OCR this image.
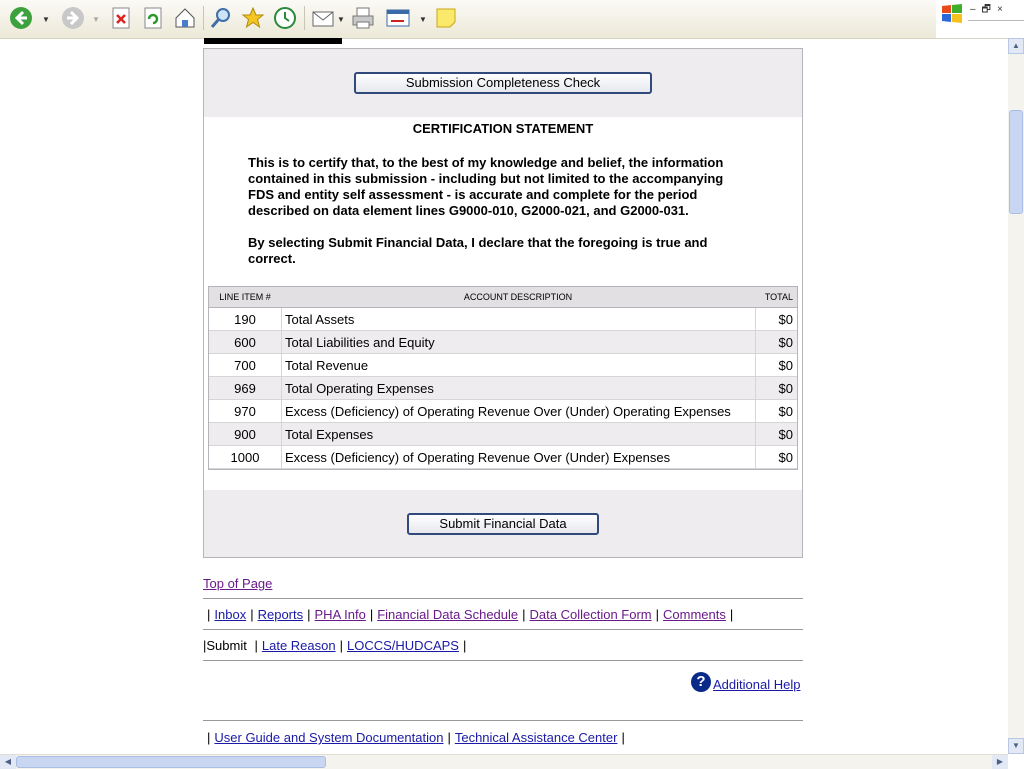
▼	▼	▼	▼
–🗗×
▲
▼
◀	▶
Submission Completeness Check
CERTIFICATION STATEMENT
This is to certify that, to the best of my knowledge and belief, the information contained in this submission - including but not limited to the accompanying FDS and entity self assessment - is accurate and complete for the period described on data element lines G9000-010, G2000-021, and G2000-031.
By selecting Submit Financial Data, I declare that the foregoing is true and correct.
LINE ITEM #	ACCOUNT DESCRIPTION	TOTAL
190	Total Assets	$0
600	Total Liabilities and Equity	$0
700	Total Revenue	$0
969	Total Operating Expenses	$0
970	Excess (Deficiency) of Operating Revenue Over (Under) Operating Expenses	$0
900	Total Expenses	$0
1000	Excess (Deficiency) of Operating Revenue Over (Under) Expenses	$0
Submit Financial Data
Top of Page
| Inbox | Reports | PHA Info | Financial Data Schedule | Data Collection Form | Comments |
|Submit | Late Reason | LOCCS/HUDCAPS |
? Additional Help
| User Guide and System Documentation | Technical Assistance Center |
